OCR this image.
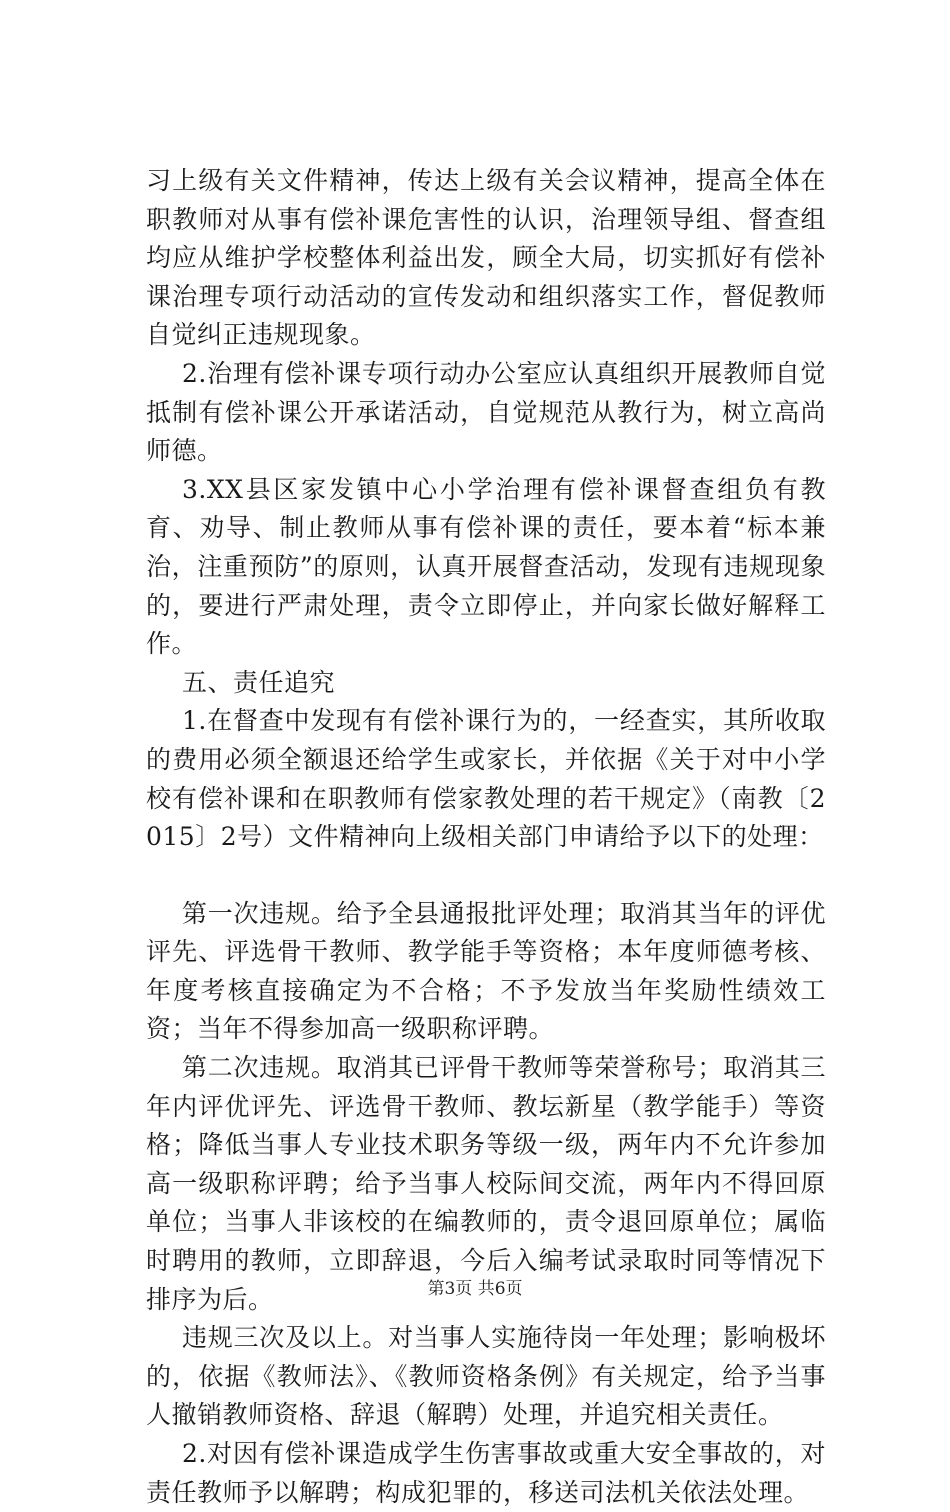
习上级有关文件精神，传达上级有关会议精神，提高全体在职教师对从事有偿补课危害性的认识，治理领导组、督查组均应从维护学校整体利益出发，顾全大局，切实抓好有偿补课治理专项行动活动的宣传发动和组织落实工作，督促教师自觉纠正违规现象。

2.治理有偿补课专项行动办公室应认真组织开展教师自觉抵制有偿补课公开承诺活动，自觉规范从教行为，树立高尚师德。

3.XX县区家发镇中心小学治理有偿补课督查组负有教育、劝导、制止教师从事有偿补课的责任，要本着“标本兼治，注重预防”的原则，认真开展督查活动，发现有违规现象的，要进行严肃处理，责令立即停止，并向家长做好解释工作。

五、责任追究

1.在督查中发现有有偿补课行为的，一经查实，其所收取的费用必须全额退还给学生或家长，并依据《关于对中小学校有偿补课和在职教师有偿家教处理的若干规定》（南教〔2015〕2号）文件精神向上级相关部门申请给予以下的处理：

第一次违规。给予全县通报批评处理；取消其当年的评优评先、评选骨干教师、教学能手等资格；本年度师德考核、年度考核直接确定为不合格；不予发放当年奖励性绩效工资；当年不得参加高一级职称评聘。

第二次违规。取消其已评骨干教师等荣誉称号；取消其三年内评优评先、评选骨干教师、教坛新星（教学能手）等资格；降低当事人专业技术职务等级一级，两年内不允许参加高一级职称评聘；给予当事人校际间交流，两年内不得回原单位；当事人非该校的在编教师的，责令退回原单位；属临时聘用的教师，立即辞退，今后入编考试录取时同等情况下排序为后。

违规三次及以上。对当事人实施待岗一年处理；影响极坏的，依据《教师法》、《教师资格条例》有关规定，给予当事人撤销教师资格、辞退（解聘）处理，并追究相关责任。

2.对因有偿补课造成学生伤害事故或重大安全事故的，对责任教师予以解聘；构成犯罪的，移送司法机关依法处理。

第3页 共6页
